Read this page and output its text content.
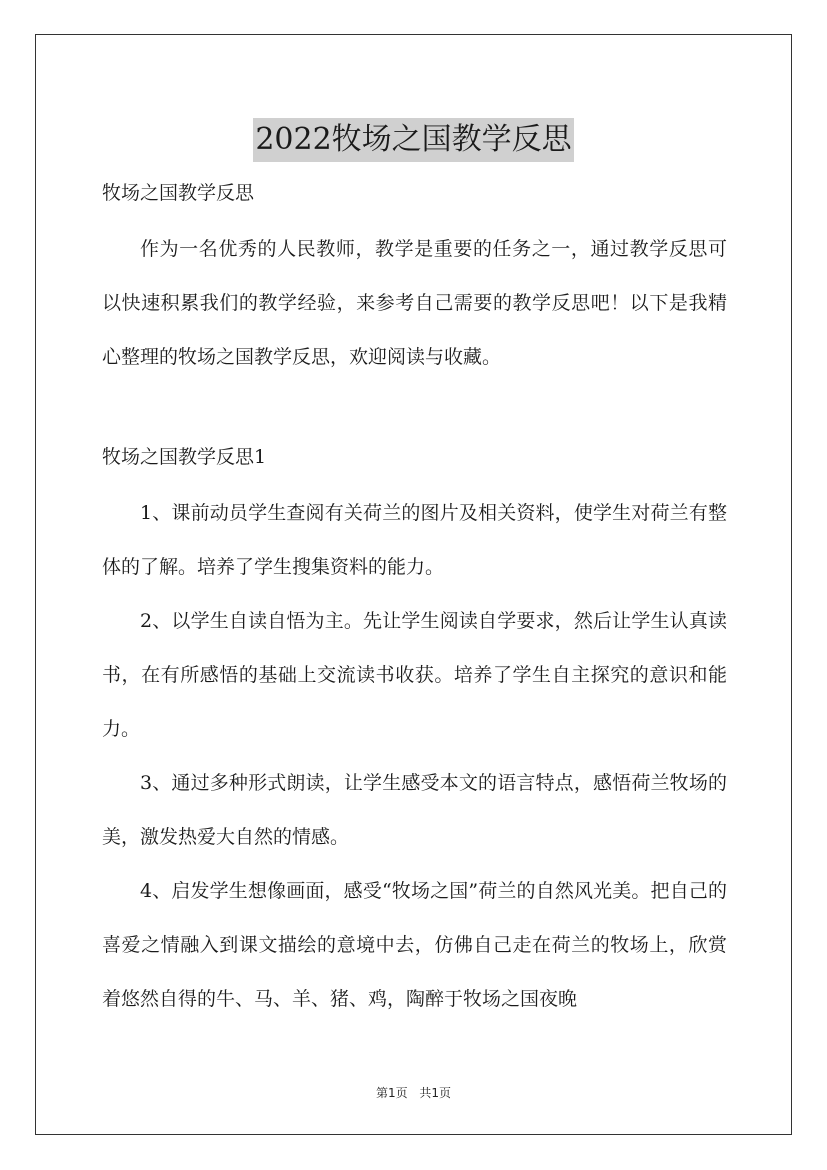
2022牧场之国教学反思

牧场之国教学反思

作为一名优秀的人民教师，教学是重要的任务之一，通过教学反思可以快速积累我们的教学经验，来参考自己需要的教学反思吧！以下是我精心整理的牧场之国教学反思，欢迎阅读与收藏。

牧场之国教学反思1

1、课前动员学生查阅有关荷兰的图片及相关资料，使学生对荷兰有整体的了解。培养了学生搜集资料的能力。

2、以学生自读自悟为主。先让学生阅读自学要求，然后让学生认真读书，在有所感悟的基础上交流读书收获。培养了学生自主探究的意识和能力。

3、通过多种形式朗读，让学生感受本文的语言特点，感悟荷兰牧场的美，激发热爱大自然的情感。

4、启发学生想像画面，感受“牧场之国”荷兰的自然风光美。把自己的喜爱之情融入到课文描绘的意境中去，仿佛自己走在荷兰的牧场上，欣赏着悠然自得的牛、马、羊、猪、鸡，陶醉于牧场之国夜晚

第1页 共1页
